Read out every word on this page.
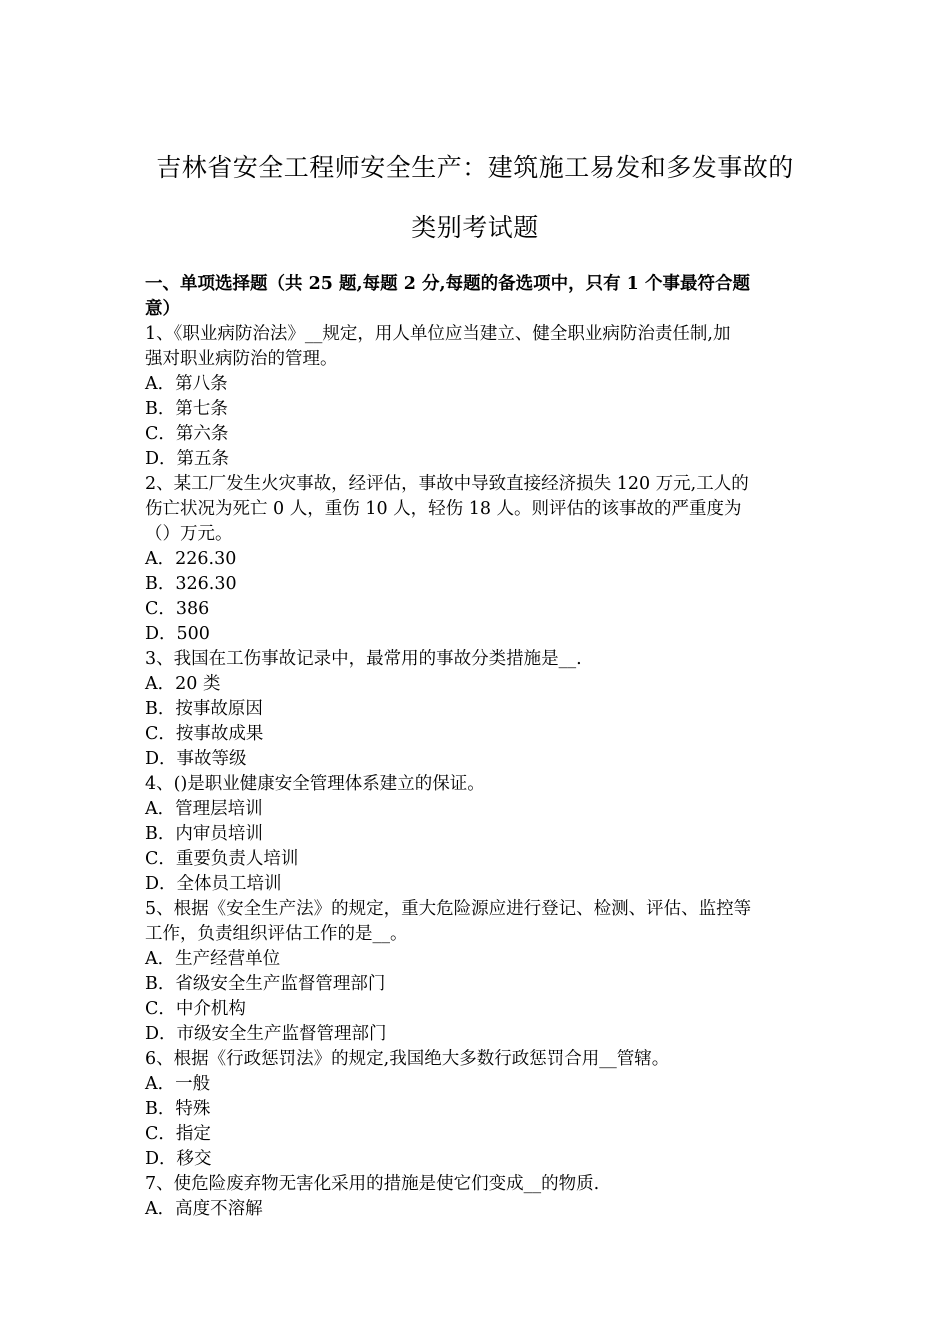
吉林省安全工程师安全生产：建筑施工易发和多发事故的
类别考试题
一、单项选择题（共 25 题,每题 2 分,每题的备选项中，只有 1 个事最符合题
意）
1、《职业病防治法》__规定，用人单位应当建立、健全职业病防治责任制,加
强对职业病防治的管理。
A．第八条
B．第七条
C．第六条
D．第五条
2、某工厂发生火灾事故，经评估，事故中导致直接经济损失 120 万元,工人的
伤亡状况为死亡 0 人，重伤 10 人，轻伤 18 人。则评估的该事故的严重度为
（）万元。
A．226.30
B．326.30
C．386
D．500
3、我国在工伤事故记录中，最常用的事故分类措施是__.
A．20 类
B．按事故原因
C．按事故成果
D．事故等级
4、()是职业健康安全管理体系建立的保证。
A．管理层培训
B．内审员培训
C．重要负责人培训
D．全体员工培训
5、根据《安全生产法》的规定，重大危险源应进行登记、检测、评估、监控等
工作，负责组织评估工作的是__。
A．生产经营单位
B．省级安全生产监督管理部门
C．中介机构
D．市级安全生产监督管理部门
6、根据《行政惩罚法》的规定,我国绝大多数行政惩罚合用__管辖。
A．一般
B．特殊
C．指定
D．移交
7、使危险废弃物无害化采用的措施是使它们变成__的物质.
A．高度不溶解
